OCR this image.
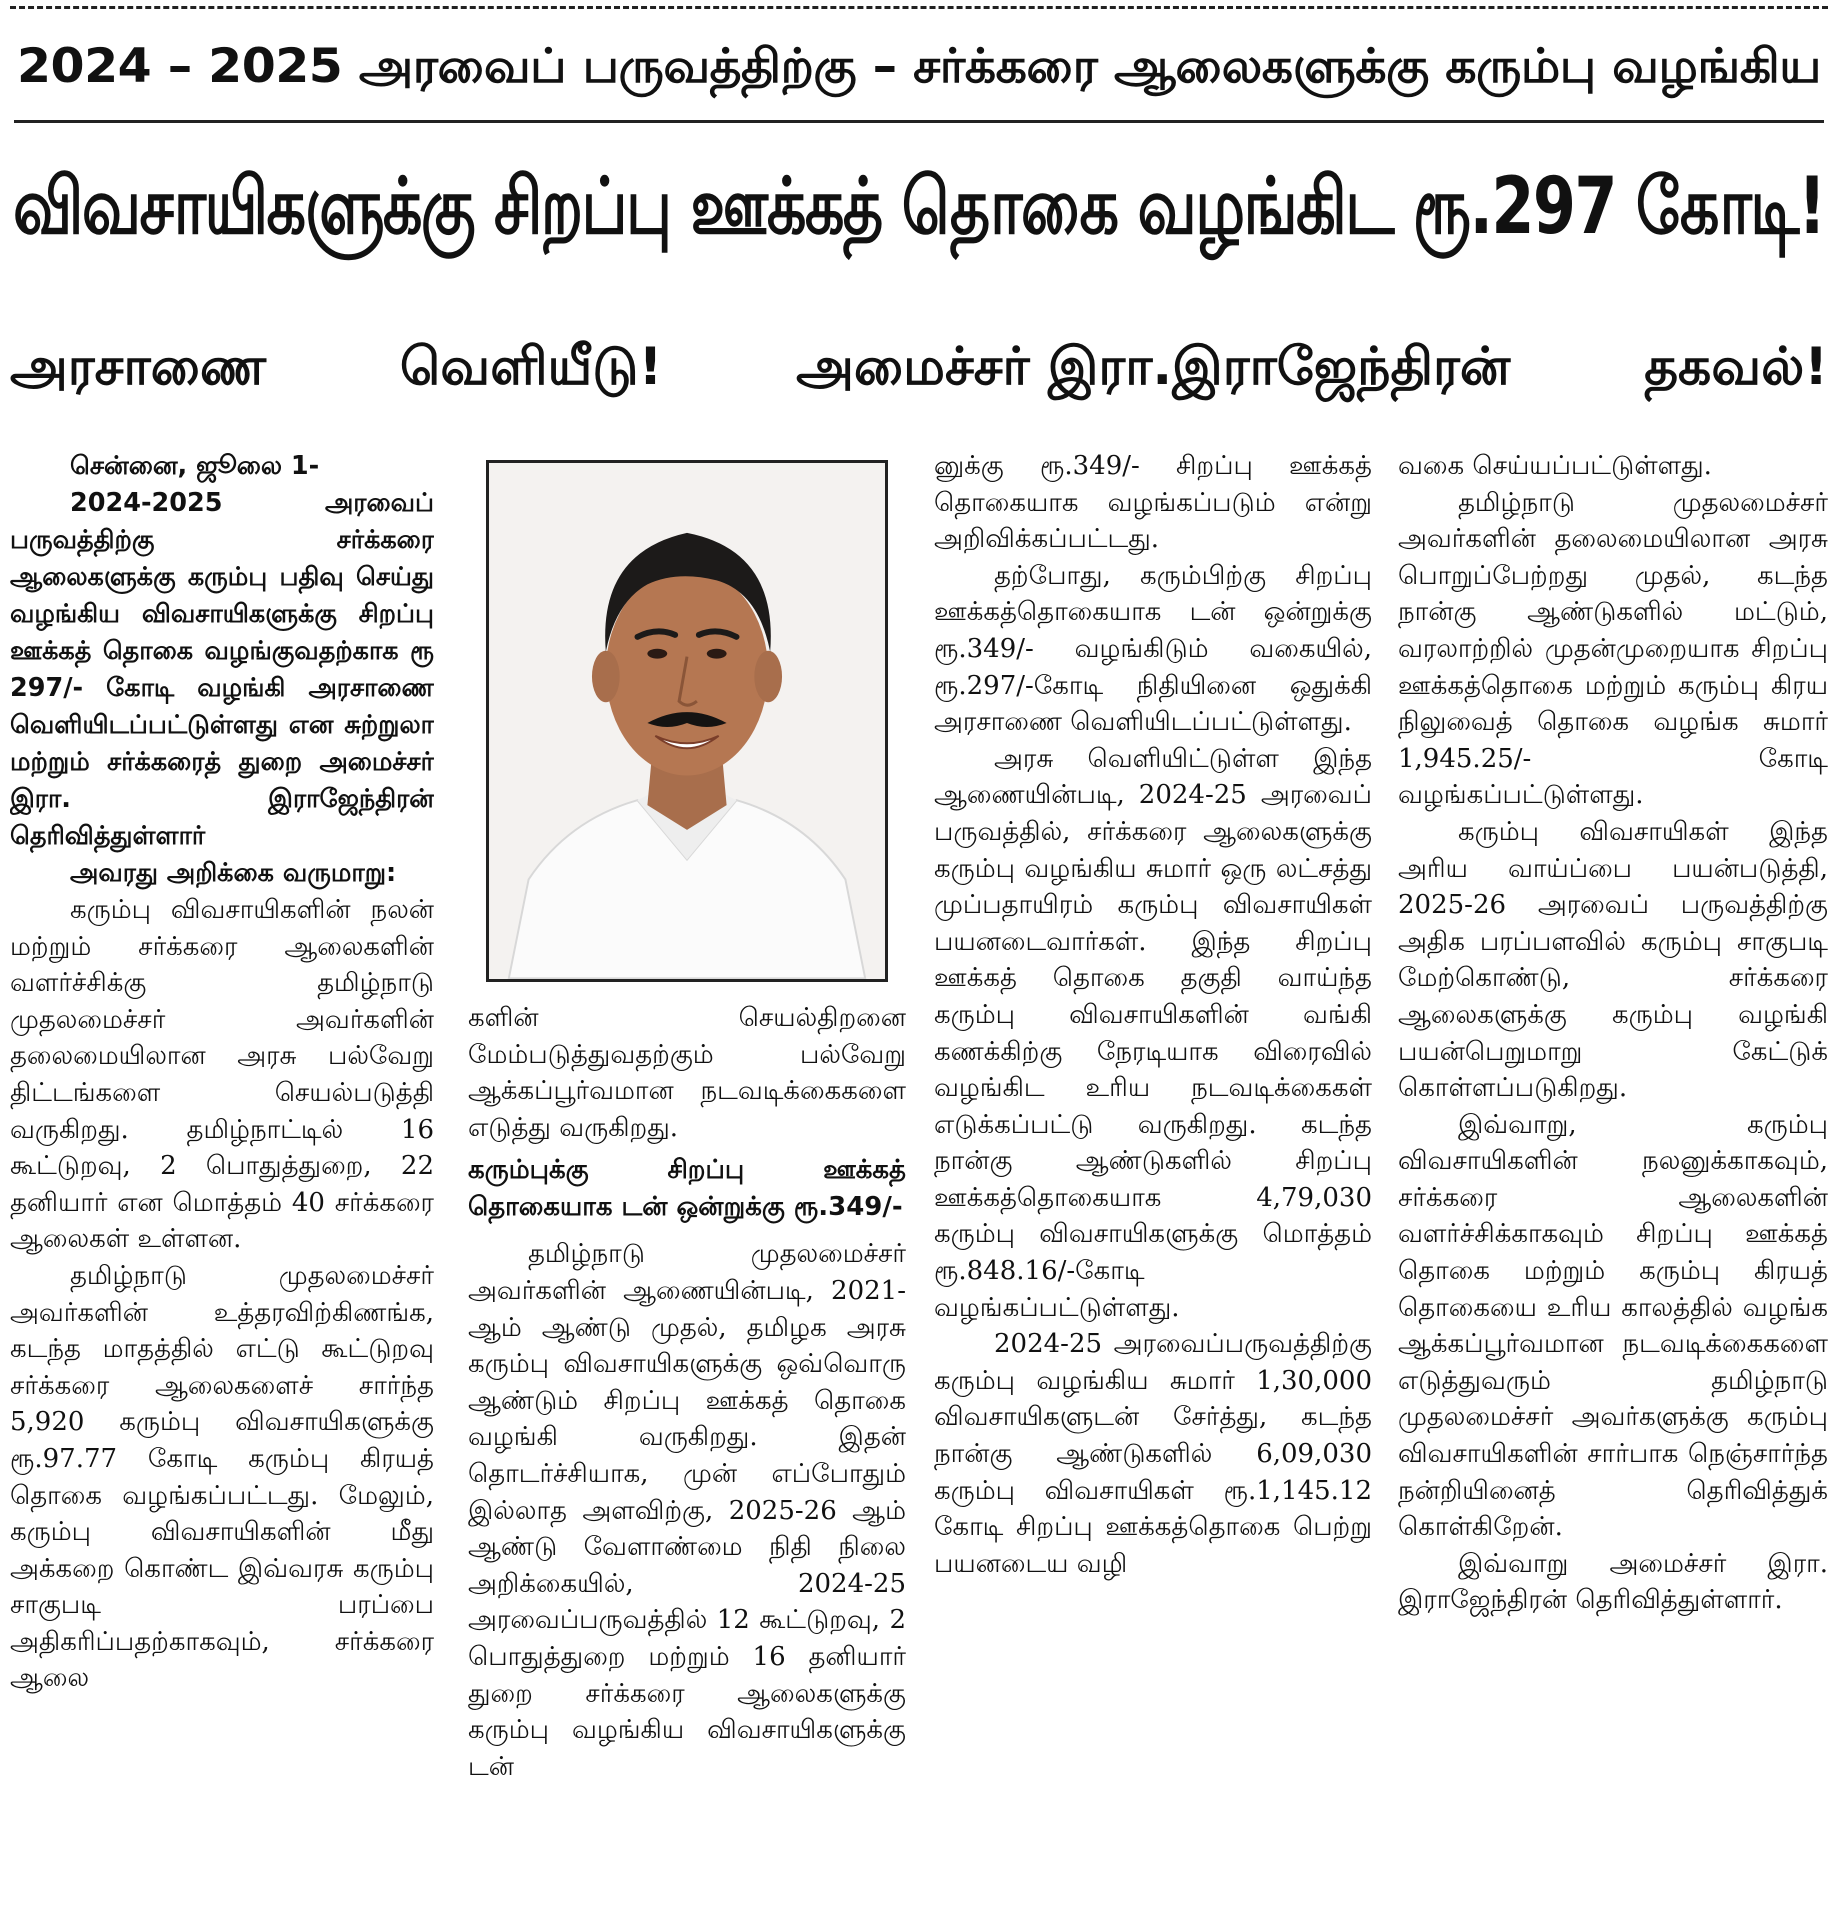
2024 – 2025 அரவைப் பருவத்திற்கு – சர்க்கரை ஆலைகளுக்கு கரும்பு வழங்கிய
விவசாயிகளுக்கு சிறப்பு ஊக்கத் தொகை வழங்கிட ரூ.297 கோடி!
அரசாணை	வெளியீடு!	அமைச்சர் இரா.இராஜேந்திரன்	தகவல்!

சென்னை, ஜூலை 1-

2024-2025 அரவைப் பருவத்திற்கு சர்க்கரை ஆலைகளுக்கு கரும்பு பதிவு செய்து வழங்கிய விவசாயிகளுக்கு சிறப்பு ஊக்கத் தொகை வழங்குவதற்காக ரூ 297/- கோடி வழங்கி அரசாணை வெளியிடப்பட்டுள்ளது என சுற்றுலா மற்றும் சர்க்கரைத் துறை அமைச்சர் இரா. இராஜேந்திரன் தெரிவித்துள்ளார்

அவரது அறிக்கை வருமாறு:

கரும்பு விவசாயிகளின் நலன் மற்றும் சர்க்கரை ஆலைகளின் வளர்ச்சிக்கு தமிழ்நாடு முதலமைச்சர் அவர்களின் தலைமையிலான அரசு பல்வேறு திட்டங்களை செயல்படுத்தி வருகிறது. தமிழ்நாட்டில் 16 கூட்டுறவு, 2 பொதுத்துறை, 22 தனியார் என மொத்தம் 40 சர்க்கரை ஆலைகள் உள்ளன.

தமிழ்நாடு முதலமைச்சர் அவர்களின் உத்தரவிற்கிணங்க, கடந்த மாதத்தில் எட்டு கூட்டுறவு சர்க்கரை ஆலைகளைச் சார்ந்த 5,920 கரும்பு விவசாயிகளுக்கு ரூ.97.77 கோடி கரும்பு கிரயத் தொகை வழங்கப்பட்டது. மேலும், கரும்பு விவசாயிகளின் மீது அக்கறை கொண்ட இவ்வரசு கரும்பு சாகுபடி பரப்பை அதிகரிப்பதற்காகவும், சர்க்கரை ஆலை

களின் செயல்திறனை மேம்படுத்துவதற்கும் பல்வேறு ஆக்கப்பூர்வமான நடவடிக்கைகளை எடுத்து வருகிறது.

கரும்புக்கு சிறப்பு ஊக்கத் தொகையாக டன் ஒன்றுக்கு ரூ.349/-

தமிழ்நாடு முதலமைச்சர் அவர்களின் ஆணையின்படி, 2021-ஆம் ஆண்டு முதல், தமிழக அரசு கரும்பு விவசாயிகளுக்கு ஒவ்வொரு ஆண்டும் சிறப்பு ஊக்கத் தொகை வழங்கி வருகிறது. இதன் தொடர்ச்சியாக, முன் எப்போதும் இல்லாத அளவிற்கு, 2025-26 ஆம் ஆண்டு வேளாண்மை நிதி நிலை அறிக்கையில், 2024-25 அரவைப்பருவத்தில் 12 கூட்டுறவு, 2 பொதுத்துறை மற்றும் 16 தனியார் துறை சர்க்கரை ஆலைகளுக்கு கரும்பு வழங்கிய விவசாயிகளுக்கு டன்

னுக்கு ரூ.349/- சிறப்பு ஊக்கத் தொகையாக வழங்கப்படும் என்று அறிவிக்கப்பட்டது.

தற்போது, கரும்பிற்கு சிறப்பு ஊக்கத்தொகையாக டன் ஒன்றுக்கு ரூ.349/- வழங்கிடும் வகையில், ரூ.297/-கோடி நிதியினை ஒதுக்கி அரசாணை வெளியிடப்பட்டுள்ளது.

அரசு வெளியிட்டுள்ள இந்த ஆணையின்படி, 2024-25 அரவைப் பருவத்தில், சர்க்கரை ஆலைகளுக்கு கரும்பு வழங்கிய சுமார் ஒரு லட்சத்து முப்பதாயிரம் கரும்பு விவசாயிகள் பயனடைவார்கள். இந்த சிறப்பு ஊக்கத் தொகை தகுதி வாய்ந்த கரும்பு விவசாயிகளின் வங்கி கணக்கிற்கு நேரடியாக விரைவில் வழங்கிட உரிய நடவடிக்கைகள் எடுக்கப்பட்டு வருகிறது. கடந்த நான்கு ஆண்டுகளில் சிறப்பு ஊக்கத்தொகையாக 4,79,030 கரும்பு விவசாயிகளுக்கு மொத்தம் ரூ.848.16/-கோடி வழங்கப்பட்டுள்ளது.

2024-25 அரவைப்பருவத்திற்கு கரும்பு வழங்கிய சுமார் 1,30,000 விவசாயிகளுடன் சேர்த்து, கடந்த நான்கு ஆண்டுகளில் 6,09,030 கரும்பு விவசாயிகள் ரூ.1,145.12 கோடி சிறப்பு ஊக்கத்தொகை பெற்று பயனடைய வழி

வகை செய்யப்பட்டுள்ளது.

தமிழ்நாடு முதலமைச்சர் அவர்களின் தலைமையிலான அரசு பொறுப்பேற்றது முதல், கடந்த நான்கு ஆண்டுகளில் மட்டும், வரலாற்றில் முதன்முறையாக சிறப்பு ஊக்கத்தொகை மற்றும் கரும்பு கிரய நிலுவைத் தொகை வழங்க சுமார் 1,945.25/- கோடி வழங்கப்பட்டுள்ளது.

கரும்பு விவசாயிகள் இந்த அரிய வாய்ப்பை பயன்படுத்தி, 2025-26 அரவைப் பருவத்திற்கு அதிக பரப்பளவில் கரும்பு சாகுபடி மேற்கொண்டு, சர்க்கரை ஆலைகளுக்கு கரும்பு வழங்கி பயன்பெறுமாறு கேட்டுக் கொள்ளப்படுகிறது.

இவ்வாறு, கரும்பு விவசாயிகளின் நலனுக்காகவும், சர்க்கரை ஆலைகளின் வளர்ச்சிக்காகவும் சிறப்பு ஊக்கத் தொகை மற்றும் கரும்பு கிரயத் தொகையை உரிய காலத்தில் வழங்க ஆக்கப்பூர்வமான நடவடிக்கைகளை எடுத்துவரும் தமிழ்நாடு முதலமைச்சர் அவர்களுக்கு கரும்பு விவசாயிகளின் சார்பாக நெஞ்சார்ந்த நன்றியினைத் தெரிவித்துக் கொள்கிறேன்.

இவ்வாறு அமைச்சர் இரா. இராஜேந்திரன் தெரிவித்துள்ளார்.
